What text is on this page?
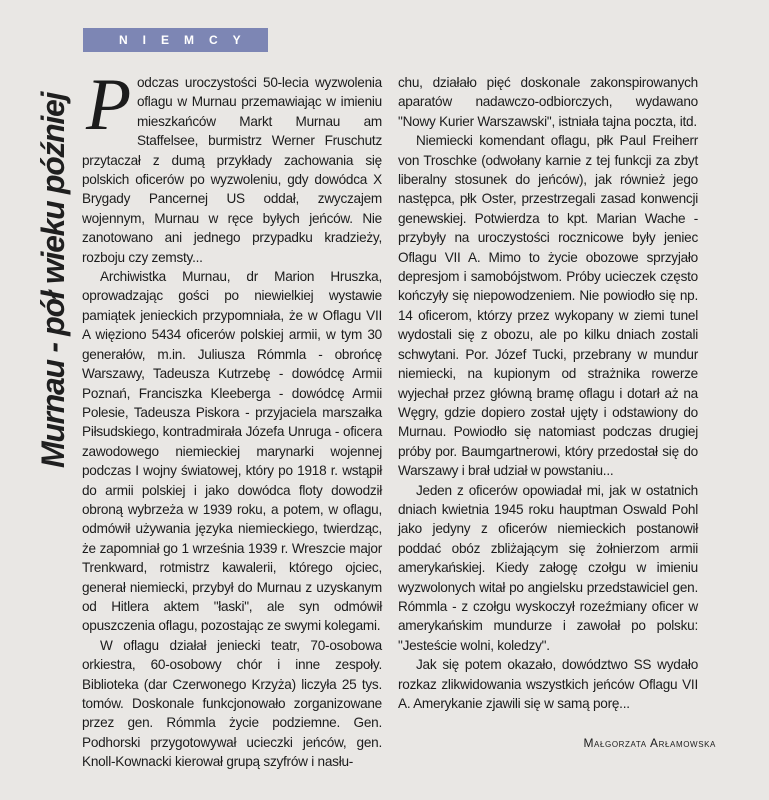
NIEMCY
Murnau - pół wieku później Podczas uroczystości 50-lecia wyzwolenia oflagu w Murnau przemawiając w imieniu mieszkańców Markt Murnau am Staffelsee, burmistrz Werner Fruschutz przytaczał z dumą przykłady zachowania się polskich oficerów po wyzwoleniu, gdy dowódca X Brygady Pancernej US oddał, zwyczajem wojennym, Murnau w ręce byłych jeńców. Nie zanotowano ani jednego przypadku kradzieży, rozboju czy zemsty...

Archiwistka Murnau, dr Marion Hruszka, oprowadzając gości po niewielkiej wystawie pamiątek jenieckich przypomniała, że w Oflagu VII A więziono 5434 oficerów polskiej armii, w tym 30 generałów, m.in. Juliusza Rómmla - obrońcę Warszawy, Tadeusza Kutrzebę - dowódcę Armii Poznań, Franciszka Kleeberga - dowódcę Armii Polesie, Tadeusza Piskora - przyjaciela marszałka Piłsudskiego, kontradmirała Józefa Unruga - oficera zawodowego niemieckiej marynarki wojennej podczas I wojny światowej, który po 1918 r. wstąpił do armii polskiej i jako dowódca floty dowodził obroną wybrzeża w 1939 roku, a potem, w oflagu, odmówił używania języka niemieckiego, twierdząc, że zapomniał go 1 września 1939 r. Wreszcie major Trenkward, rotmistrz kawalerii, którego ojciec, generał niemiecki, przybył do Murnau z uzyskanym od Hitlera aktem "łaski", ale syn odmówił opuszczenia oflagu, pozostając ze swymi kolegami.

W oflagu działał jeniecki teatr, 70-osobowa orkiestra, 60-osobowy chór i inne zespoły. Biblioteka (dar Czerwonego Krzyża) liczyła 25 tys. tomów. Doskonale funkcjonowało zorganizowane przez gen. Rómmla życie podziemne. Gen. Podhorski przygotowywał ucieczki jeńców, gen. Knoll-Kownacki kierował grupą szyfrów i nasłu-

chu, działało pięć doskonale zakonspirowanych aparatów nadawczo-odbiorczych, wydawano "Nowy Kurier Warszawski", istniała tajna poczta, itd.

Niemiecki komendant oflagu, płk Paul Freiherr von Troschke (odwołany karnie z tej funkcji za zbyt liberalny stosunek do jeńców), jak również jego następca, płk Oster, przestrzegali zasad konwencji genewskiej. Potwierdza to kpt. Marian Wache - przybyły na uroczystości rocznicowe były jeniec Oflagu VII A. Mimo to życie obozowe sprzyjało depresjom i samobójstwom. Próby ucieczek często kończyły się niepowodzeniem. Nie powiodło się np. 14 oficerom, którzy przez wykopany w ziemi tunel wydostali się z obozu, ale po kilku dniach zostali schwytani. Por. Józef Tucki, przebrany w mundur niemiecki, na kupionym od strażnika rowerze wyjechał przez główną bramę oflagu i dotarł aż na Węgry, gdzie dopiero został ujęty i odstawiony do Murnau. Powiodło się natomiast podczas drugiej próby por. Baumgartnerowi, który przedostał się do Warszawy i brał udział w powstaniu...

Jeden z oficerów opowiadał mi, jak w ostatnich dniach kwietnia 1945 roku hauptman Oswald Pohl jako jedyny z oficerów niemieckich postanowił poddać obóz zbliżającym się żołnierzom armii amerykańskiej. Kiedy załogę czołgu w imieniu wyzwolonych witał po angielsku przedstawiciel gen. Rómmla - z czołgu wyskoczył rozeźmiany oficer w amerykańskim mundurze i zawołał po polsku: "Jesteście wolni, koledzy".

Jak się potem okazało, dowództwo SS wydało rozkaz zlikwidowania wszystkich jeńców Oflagu VII A. Amerykanie zjawili się w samą porę...

Małgorzata Arłamowska
